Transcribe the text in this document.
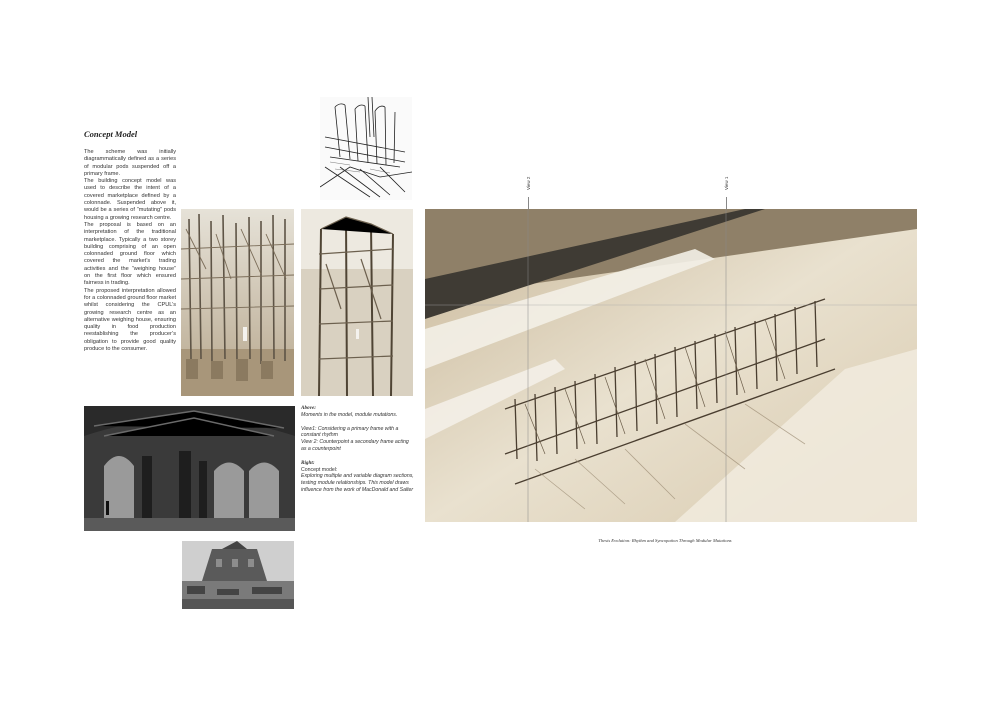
Concept Model

The scheme was initially diagrammatically defined as a series of modular pods suspended off a primary frame.

The building concept model was used to describe the intent of a covered marketplace defined by a colonnade. Suspended above it, would be a series of “mutating” pods housing a growing research centre.

The proposal is based on an interpretation of the traditional marketplace. Typically a two storey building comprising of an open colonnaded ground floor which covered the market’s trading activities and the “weighing house” on the first floor which ensured fairness in trading.

The proposed interpretation allowed for a colonnaded ground floor market whilst considering the CPUL’s growing research centre as an alternative weighing house, ensuring quality in food production reestablishing the producer’s obligation to provide good quality produce to the consumer.

Above:
Moments in the model, module mutations.
View1: Considering a primary frame with a constant rhythm
View 2: Counterpoint a secondary frame acting as a counterpoint
Right:
Concept model:
Exploring multiple and variable diagram sections, testing module relationships. This model draws influence from the work of MacDonald and Salter
View 2	View 1
Thesis Evolution: Rhythm and Syncopation Through Modular Mutations
